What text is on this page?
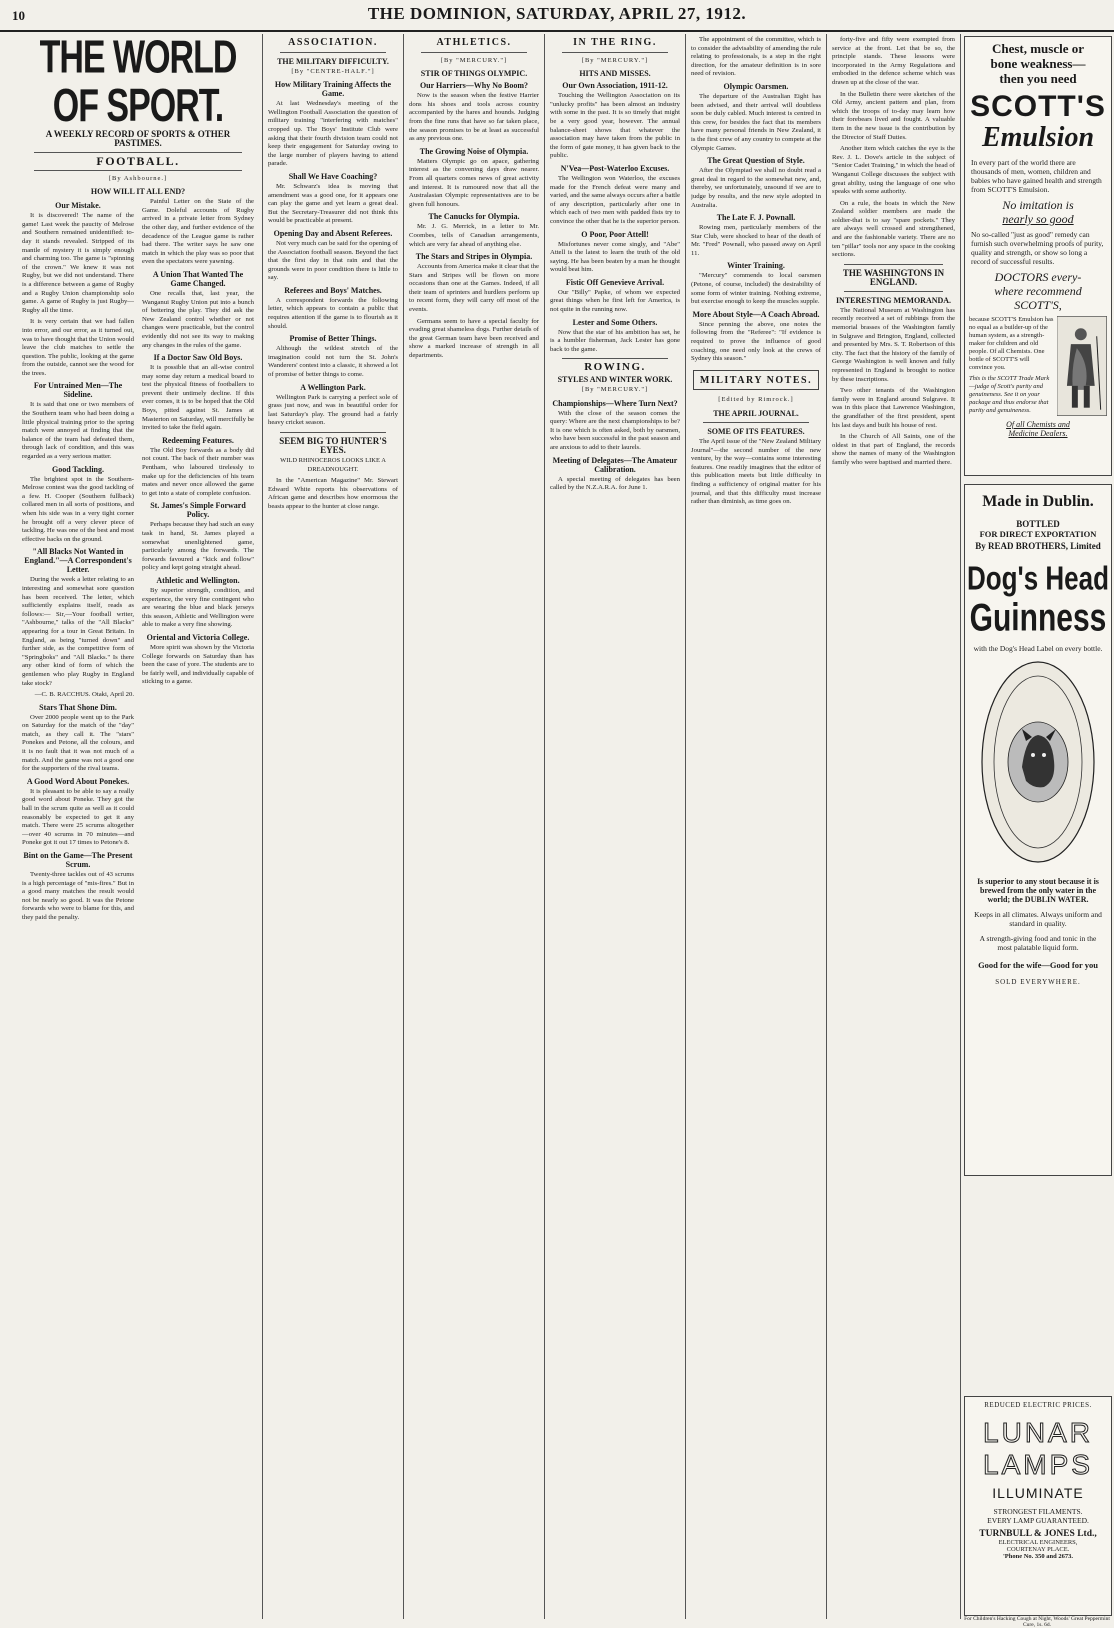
10	THE DOMINION, SATURDAY, APRIL 27, 1912.
THE WORLD OF SPORT.
A WEEKLY RECORD OF SPORTS & OTHER PASTIMES.
FOOTBALL.
[By Ashbourne.]
HOW WILL IT ALL END?
Our Mistake.

It is discovered! The name of the game! Last week the paucity of Melrose and Southern remained unidentified: to-day it stands revealed. Stripped of its mantle of mystery it is simply enough and charming too. The game is "spinning of the crown." We knew it was not Rugby, but we did not understand. There is a difference between a game of Rugby and a Rugby Union championship solo game. A game of Rugby is just Rugby—Rugby all the time.

It is very certain that we had fallen into error, and our error, as it turned out, was to have thought that the Union would leave the club matches to settle the question. The public, looking at the game from the outside, cannot see the wood for the trees.

For Untrained Men—The Sideline.

It is said that one or two members of the Southern team who had been doing a little physical training prior to the spring match were annoyed at finding that the balance of the team had defeated them, through lack of condition, and this was regarded as a very serious matter.

Good Tackling.

The brightest spot in the Southern-Melrose contest was the good tackling of a few. H. Cooper (Southern fullback) collared men in all sorts of positions, and when his side was in a very tight corner he brought off a very clever piece of tackling. He was one of the best and most effective backs on the ground.

"All Blacks Not Wanted in England."—A Correspondent's Letter.

During the week a letter relating to an interesting and somewhat sore question has been received. The letter, which sufficiently explains itself, reads as follows:— Sir,—Your football writer, "Ashbourne," talks of the "All Blacks" appearing for a tour in Great Britain. In England, as being "turned down" and further side, as the competitive form of "Springboks" and "All Blacks." Is there any other kind of form of which the gentlemen who play Rugby in England take stock?

—C. B. RACCHUS. Otaki, April 20.

Stars That Shone Dim.

Over 2000 people went up to the Park on Saturday for the match of the "day" match, as they call it. The "stars" Ponekes and Petone, all the colours, and it is no fault that it was not much of a match. And the game was not a good one for the supporters of the rival teams.

A Good Word About Ponekes.

It is pleasant to be able to say a really good word about Poneke. They got the ball in the scrum quite as well as it could reasonably be expected to get it any match. There were 25 scrums altogether—over 40 scrums in 70 minutes—and Poneke got it out 17 times to Petone's 8.

Bint on the Game—The Present Scrum.

Twenty-three tackles out of 43 scrums is a high percentage of "mis-fires." But in a good many matches the result would not be nearly so good. It was the Petone forwards who were to blame for this, and they paid the penalty.

Painful Letter on the State of the Game. Doleful accounts of Rugby arrived in a private letter from Sydney the other day, and further evidence of the decadence of the League game is rather bad there. The writer says he saw one match in which the play was so poor that even the spectators were yawning.

A Union That Wanted The Game Changed.

One recalls that, last year, the Wanganui Rugby Union put into a bunch of bettering the play. They did ask the New Zealand control whether or not changes were practicable, but the control evidently did not see its way to making any changes in the rules of the game.

If a Doctor Saw Old Boys.

It is possible that an all-wise control may some day return a medical board to test the physical fitness of footballers to prevent their untimely decline. If this ever comes, it is to be hoped that the Old Boys, pitted against St. James at Masterton on Saturday, will mercifully be invited to take the field again.

Redeeming Features.

The Old Boy forwards as a body did not count. The back of their number was Pentham, who laboured tirelessly to make up for the deficiencies of his team mates and never once allowed the game to get into a state of complete confusion.

St. James's Simple Forward Policy.

Perhaps because they had such an easy task in hand, St. James played a somewhat unenlightened game, particularly among the forwards. The forwards favoured a "kick and follow" policy and kept going straight ahead.

Athletic and Wellington.

By superior strength, condition, and experience, the very fine contingent who are wearing the blue and black jerseys this season, Athletic and Wellington were able to make a very fine showing.

Oriental and Victoria College.

More spirit was shown by the Victoria College forwards on Saturday than has been the case of yore. The students are to be fairly well, and individually capable of sticking to a game.

ASSOCIATION.
THE MILITARY DIFFICULTY.
[By "CENTRE-HALF."]
How Military Training Affects the Game.

At last Wednesday's meeting of the Wellington Football Association the question of military training "interfering with matches" cropped up. The Boys' Institute Club were asking that their fourth division team could not keep their engagement for Saturday owing to the large number of players having to attend parade.

Shall We Have Coaching?

Mr. Schwarz's idea is moving that amendment was a good one, for it appears one can play the game and yet learn a great deal. But the Secretary-Treasurer did not think this would be practicable at present.

Opening Day and Absent Referees.

Not very much can be said for the opening of the Association football season. Beyond the fact that the first day in that rain and that the grounds were in poor condition there is little to say.

Referees and Boys' Matches.

A correspondent forwards the following letter, which appears to contain a public that requires attention if the game is to flourish as it should.

Promise of Better Things.

Although the wildest stretch of the imagination could not turn the St. John's Wanderers' contest into a classic, it showed a lot of promise of better things to come.

A Wellington Park.

Wellington Park is carrying a perfect sole of grass just now, and was in beautiful order for last Saturday's play. The ground had a fairly heavy cricket season.

SEEM BIG TO HUNTER'S EYES.
WILD RHINOCEROS LOOKS LIKE A DREADNOUGHT.

In the "American Magazine" Mr. Stewart Edward White reports his observations of African game and describes how enormous the beasts appear to the hunter at close range.

ATHLETICS.
[By "MERCURY."]
STIR OF THINGS OLYMPIC.
Our Harriers—Why No Boom?

Now is the season when the festive Harrier dons his shoes and tools across country accompanied by the hares and hounds. Judging from the fine runs that have so far taken place, the season promises to be at least as successful as any previous one.

The Growing Noise of Olympia.

Matters Olympic go on apace, gathering interest as the convening days draw nearer. From all quarters comes news of great activity and interest. It is rumoured now that all the Australasian Olympic representatives are to be given full honours.

The Canucks for Olympia.

Mr. J. G. Merrick, in a letter to Mr. Coombes, tells of Canadian arrangements, which are very far ahead of anything else.

The Stars and Stripes in Olympia.

Accounts from America make it clear that the Stars and Stripes will be flown on more occasions than one at the Games. Indeed, if all their team of sprinters and hurdlers perform up to recent form, they will carry off most of the events.

Germans seem to have a special faculty for evading great shameless dogs. Further details of the great German team have been received and show a marked increase of strength in all departments.

IN THE RING.
[By "MERCURY."]
HITS AND MISSES.
Our Own Association, 1911-12.

Touching the Wellington Association on its "unlucky profits" has been almost an industry with some in the past. It is so timely that might be a very good year, however. The annual balance-sheet shows that whatever the association may have taken from the public in the form of gate money, it has given back to the public.

N'Vea—Post-Waterloo Excuses.

The Wellington won Waterloo, the excuses made for the French defeat were many and varied, and the same always occurs after a battle of any description, particularly after one in which each of two men with padded fists try to convince the other that he is the superior person.

O Poor, Poor Attell!

Misfortunes never come singly, and "Abe" Attell is the latest to learn the truth of the old saying. He has been beaten by a man he thought would beat him.

Fistic Off Genevieve Arrival.

Our "Billy" Papke, of whom we expected great things when he first left for America, is not quite in the running now.

Lester and Some Others.

Now that the star of his ambition has set, he is a humbler fisherman, Jack Lester has gone back to the game.

ROWING.
STYLES AND WINTER WORK.
[By "MERCURY."]
Championships—Where Turn Next?

With the close of the season comes the query: Where are the next championships to be? It is one which is often asked, both by oarsmen, who have been successful in the past season and are anxious to add to their laurels.

Meeting of Delegates—The Amateur Calibration.

A special meeting of delegates has been called by the N.Z.A.R.A. for June 1.

The appointment of the committee, which is to consider the advisability of amending the rule relating to professionals, is a step in the right direction, for the amateur definition is in sore need of revision.

Olympic Oarsmen.

The departure of the Australian Eight has been advised, and their arrival will doubtless soon be duly cabled. Much interest is centred in this crew, for besides the fact that its members have many personal friends in New Zealand, it is the first crew of any country to compete at the Olympic Games.

The Great Question of Style.

After the Olympiad we shall no doubt read a great deal in regard to the somewhat new, and, thereby, we unfortunately, unsound if we are to judge by results, and the new style adopted in Australia.

The Late F. J. Pownall.

Rowing men, particularly members of the Star Club, were shocked to hear of the death of Mr. "Fred" Pownall, who passed away on April 11.

Winter Training.

"Mercury" commends to local oarsmen (Petone, of course, included) the desirability of some form of winter training. Nothing extreme, but exercise enough to keep the muscles supple.

More About Style—A Coach Abroad.

Since penning the above, one notes the following from the "Referee": "If evidence is required to prove the influence of good coaching, one need only look at the crews of Sydney this season."

MILITARY NOTES.
[Edited by Rimrock.]
THE APRIL JOURNAL.
SOME OF ITS FEATURES.

The April issue of the "New Zealand Military Journal"—the second number of the new venture, by the way—contains some interesting features. One readily imagines that the editor of this publication meets but little difficulty in finding a sufficiency of original matter for his journal, and that this difficulty must increase rather than diminish, as time goes on.

forty-five and fifty were exempted from service at the front. Let that be so, the principle stands. These lessons were incorporated in the Army Regulations and embodied in the defence scheme which was drawn up at the close of the war.

In the Bulletin there were sketches of the Old Army, ancient pattern and plan, from which the troops of to-day may learn how their forebears lived and fought. A valuable item in the new issue is the contribution by the Director of Staff Duties.

Another item which catches the eye is the Rev. J. L. Dove's article in the subject of "Senior Cadet Training," in which the head of Wanganui College discusses the subject with great ability, using the language of one who speaks with some authority.

On a rule, the boats in which the New Zealand soldier members are made the soldier-that is to say "spare pockets." They are always well crossed and strengthened, and are the fashionable variety. There are no ten "pillar" tools nor any space in the cooking sections.

THE WASHINGTONS IN ENGLAND.
INTERESTING MEMORANDA.

The National Museum at Washington has recently received a set of rubbings from the memorial brasses of the Washington family in Sulgrave and Brington, England, collected and presented by Mrs. S. T. Robertson of this city. The fact that the history of the family of George Washington is well known and fully represented in England is brought to notice by these inscriptions.

Two other tenants of the Washington family were in England around Sulgrave. It was in this place that Lawrence Washington, the grandfather of the first president, spent his last days and built his house of rest.

In the Church of All Saints, one of the oldest in that part of England, the records show the names of many of the Washington family who were baptised and married there.

Chest, muscle or
bone weakness—
then you need
SCOTT'S
Emulsion
In every part of the world there are thousands of men, women, children and babies who have gained health and strength from SCOTT'S Emulsion.
No imitation is
nearly so good
No so-called "just as good" remedy can furnish such overwhelming proofs of purity, quality and strength, or show so long a record of successful results.
DOCTORS every-
where recommend
SCOTT'S,
because SCOTT'S Emulsion has no equal as a builder-up of the human system, as a strength-maker for children and old people. Of all Chemists. One bottle of SCOTT'S will convince you.
This is the SCOTT Trade Mark—judge of Scott's purity and genuineness. See it on your package and thus endorse that purity and genuineness.
Of all Chemists and
Medicine Dealers.
Made in Dublin.
BOTTLED
FOR DIRECT EXPORTATION
By READ BROTHERS, Limited
Dog's Head
Guinness
with the Dog's Head Label on every bottle.
Is superior to any stout because it is brewed from the only water in the world; the DUBLIN WATER.
Keeps in all climates. Always uniform and standard in quality.
A strength-giving food and tonic in the most palatable liquid form.
Good for the wife—Good for you
SOLD EVERYWHERE.
REDUCED ELECTRIC PRICES.
LUNAR
LAMPS
ILLUMINATE
STRONGEST FILAMENTS.
EVERY LAMP GUARANTEED.
TURNBULL & JONES Ltd.,
ELECTRICAL ENGINEERS,
COURTENAY PLACE.
'Phone No. 350 and 2673.
For Children's Hacking Cough at Night, Woods' Great Peppermint Cure, 1s. 6d.
